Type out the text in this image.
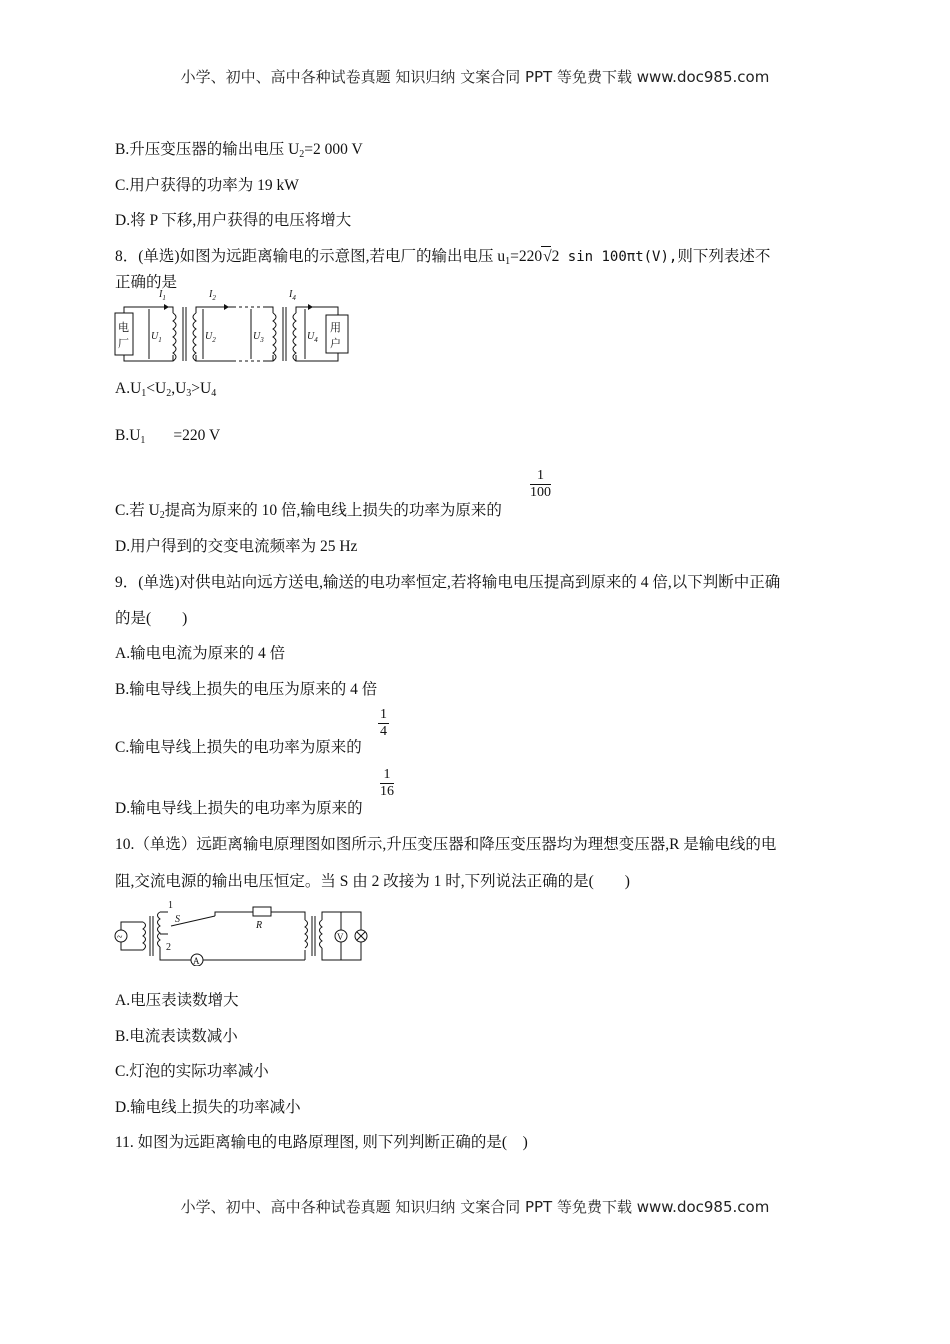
小学、初中、高中各种试卷真题 知识归纳 文案合同 PPT 等免费下载 www.doc985.com
B.升压变压器的输出电压 $U_2=2$ 000 V
C.用户获得的功率为 19 kW
D.将 P 下移,用户获得的电压将增大
8．(单选)如图为远距离输电的示意图,若电厂的输出电压 $u_1=220√2$ sin 100πt(V),则下列表述不
正确的是
$I_1$	$I_2$	$I_4$
$U_1$	$U_2$	$U_3$	$U_4$
电
厂
用
户
$A.U_1<U_2,U_3>U_4$
$B.U_1 =220$ V
C.若 $U_2$提高为原来的 10 倍,输电线上损失的功率为原来的
$\frac{1}{100}$
D.用户得到的交变电流频率为 25 Hz
9．(单选)对供电站向远方送电,输送的电功率恒定,若将输电电压提高到原来的 4 倍,以下判断中正确
的是(　　)
A.输电电流为原来的 4 倍
B.输电导线上损失的电压为原来的 4 倍
C.输电导线上损失的电功率为原来的
$\frac{1}{4}$
D.输电导线上损失的电功率为原来的
$\frac{1}{16}$
10.（单选）远距离输电原理图如图所示,升压变压器和降压变压器均为理想变压器,R 是输电线的电
阻,交流电源的输出电压恒定。当 S 由 2 改接为 1 时,下列说法正确的是(　　)
1
S
2
R
A
V
~
A.电压表读数增大
B.电流表读数减小
C.灯泡的实际功率减小
D.输电线上损失的功率减小
11. 如图为远距离输电的电路原理图, 则下列判断正确的是(　)
小学、初中、高中各种试卷真题 知识归纳 文案合同 PPT 等免费下载 www.doc985.com
